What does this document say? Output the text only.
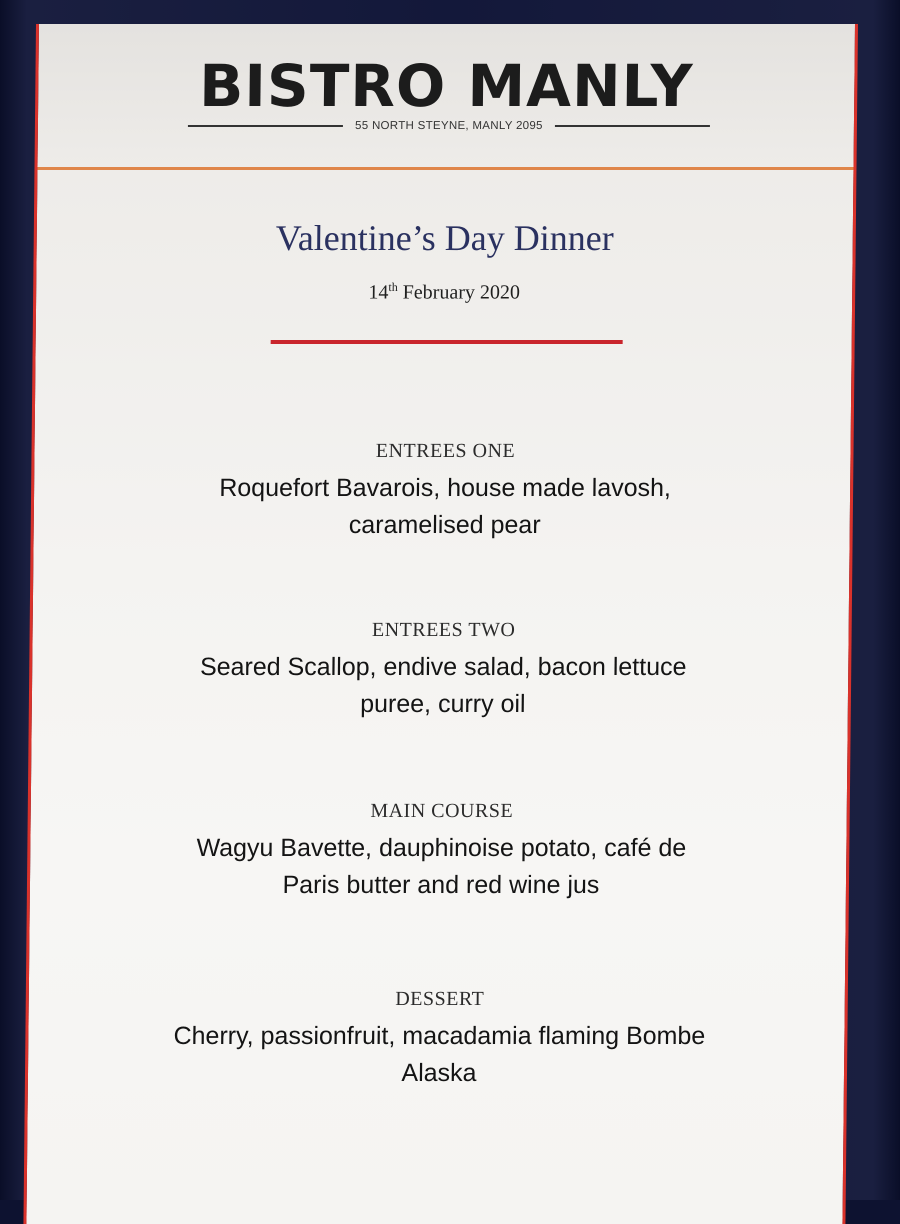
BISTRO MANLY
55 NORTH STEYNE, MANLY 2095
Valentine’s Day Dinner
14th February 2020
ENTREES ONE
Roquefort Bavarois, house made lavosh,
caramelised pear
ENTREES TWO
Seared Scallop, endive salad, bacon lettuce
puree, curry oil
MAIN COURSE
Wagyu Bavette, dauphinoise potato, café de
Paris butter and red wine jus
DESSERT
Cherry, passionfruit, macadamia flaming Bombe
Alaska
